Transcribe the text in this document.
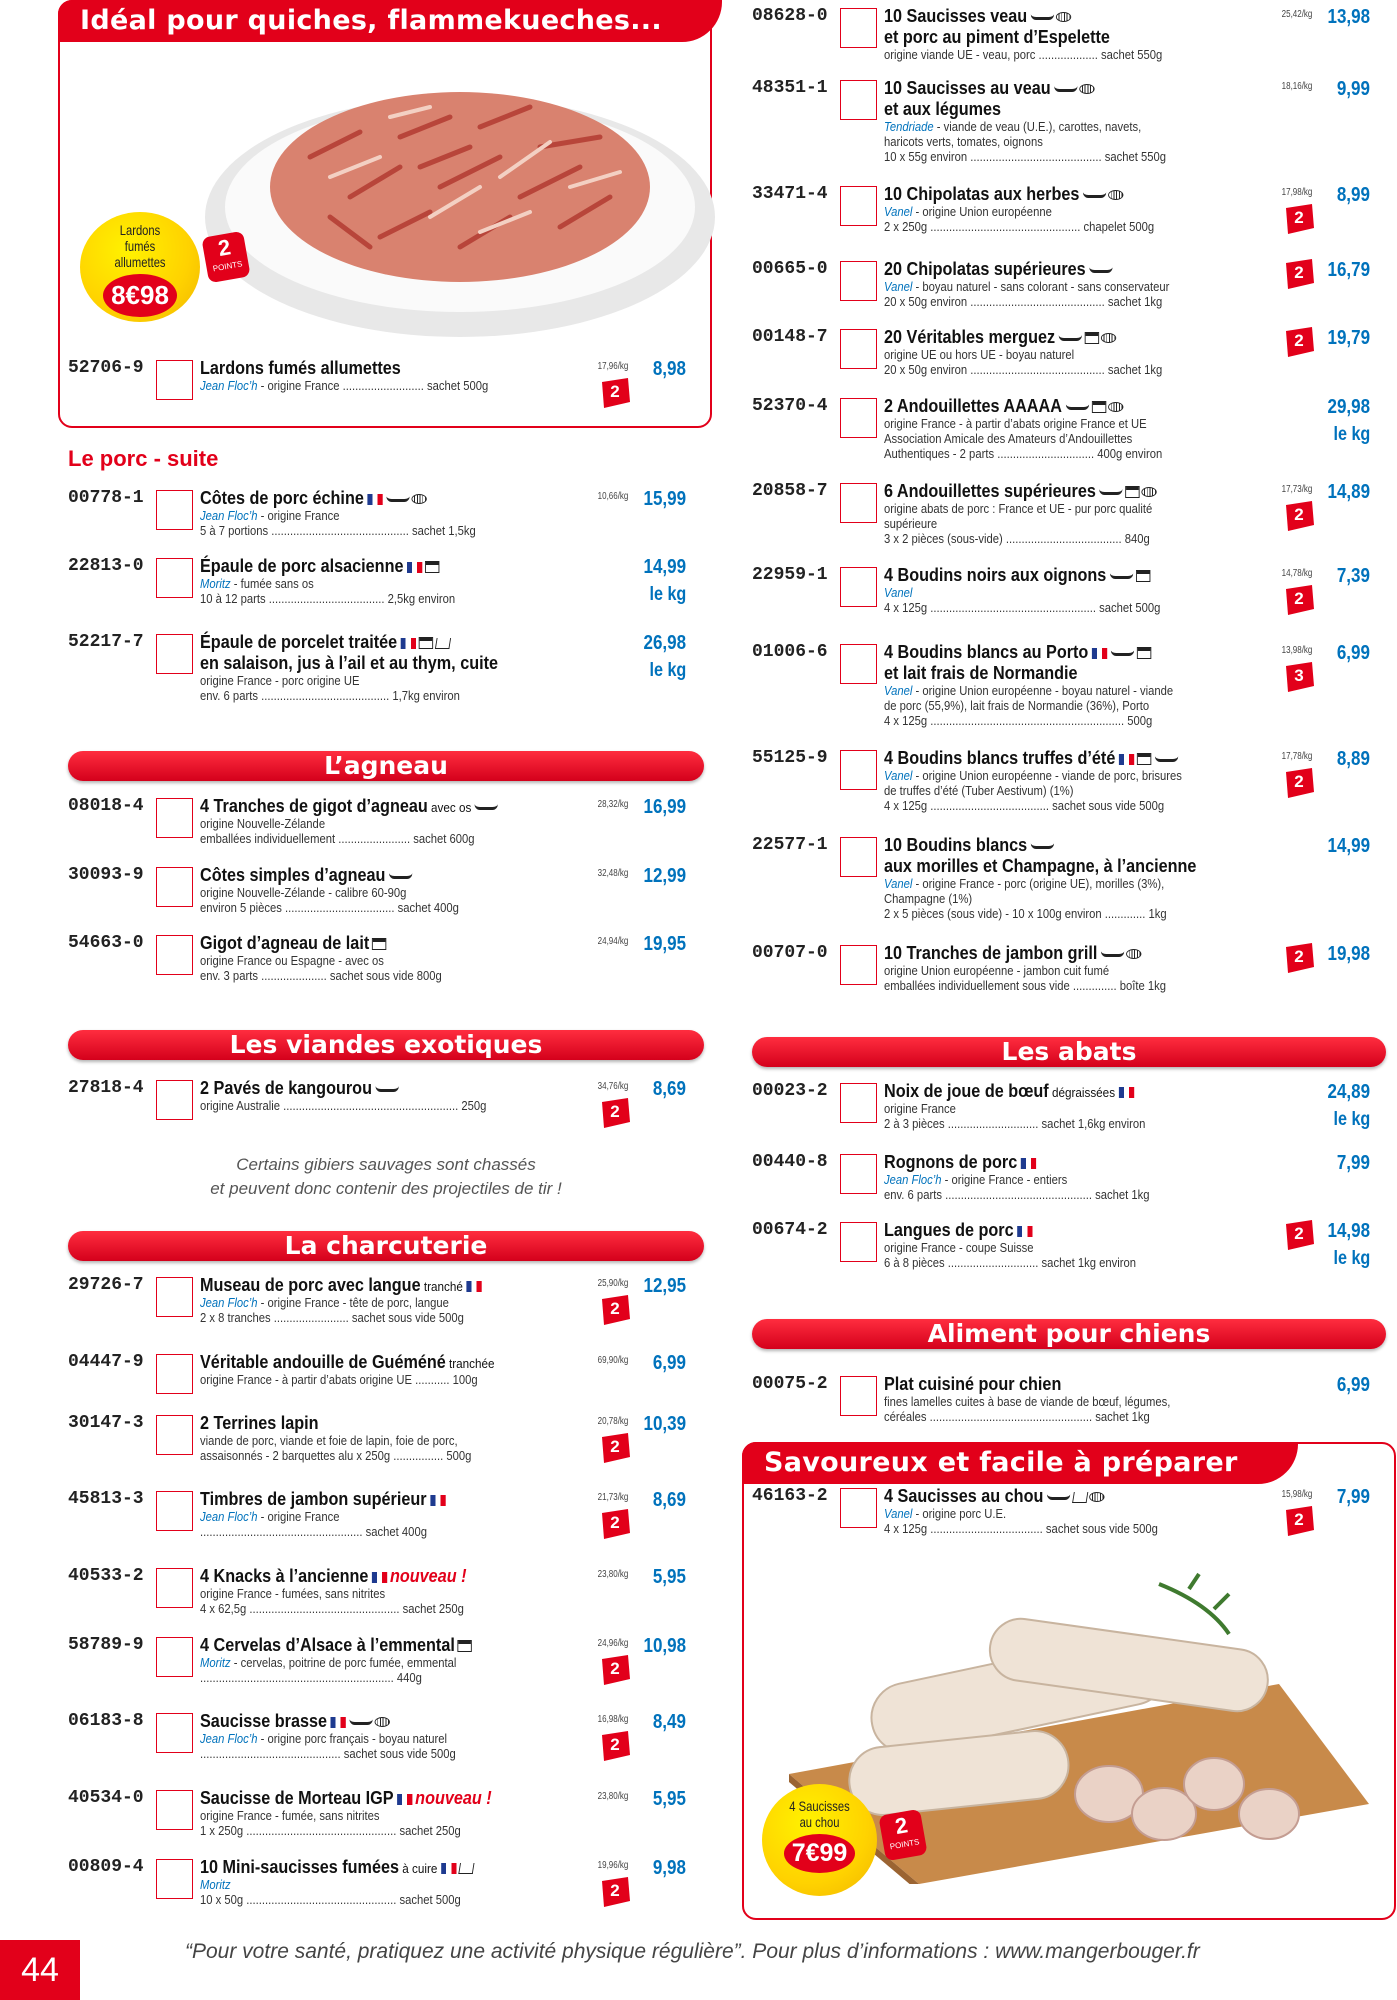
Idéal pour quiches, flammekueches...
Lardons fumés allumettes
8€98
2
POINTS
Le porc - suite
L’agneau
Les viandes exotiques
Certains gibiers sauvages sont chassés
et peuvent donc contenir des projectiles de tir !
La charcuterie
Les abats
Aliment pour chiens
Savoureux et facile à préparer
4 Saucisses
au chou
7€99
2
POINTS
52706-9	Lardons fumés allumettes
Jean Floc’h - origine France .......................... sachet 500g
17,96/kg 8,98
2
00778-1	Côtes de porc échine
Jean Floc’h - origine France
5 à 7 portions ............................................ sachet 1,5kg
10,66/kg 15,99
22813-0	Épaule de porc alsacienne
Moritz - fumée sans os
10 à 12 parts ..................................... 2,5kg environ
14,99
le kg
52217-7	Épaule de porcelet traitée
en salaison, jus à l’ail et au thym, cuite
origine France - porc origine UE
env. 6 parts ......................................... 1,7kg environ
26,98
le kg
08018-4	4 Tranches de gigot d’agneau avec os
origine Nouvelle-Zélande
emballées individuellement ....................... sachet 600g
28,32/kg 16,99
30093-9	Côtes simples d’agneau
origine Nouvelle-Zélande - calibre 60-90g
environ 5 pièces ................................... sachet 400g
32,48/kg 12,99
54663-0	Gigot d’agneau de lait
origine France ou Espagne - avec os
env. 3 parts ..................... sachet sous vide 800g
24,94/kg 19,95
27818-4	2 Pavés de kangourou
origine Australie ........................................................ 250g
34,76/kg 8,69
2
29726-7	Museau de porc avec langue tranché
Jean Floc’h - origine France - tête de porc, langue
2 x 8 tranches ........................ sachet sous vide 500g
25,90/kg 12,95
2
04447-9	Véritable andouille de Guéméné tranchée
origine France - à partir d’abats origine UE ........... 100g
69,90/kg 6,99
30147-3	2 Terrines lapin
viande de porc, viande et foie de lapin, foie de porc,
assaisonnés - 2 barquettes alu x 250g ................ 500g
20,78/kg 10,39
2
45813-3	Timbres de jambon supérieur
Jean Floc’h - origine France
.................................................... sachet 400g
21,73/kg 8,69
2
40533-2	4 Knacks à l’ancienne nouveau !
origine France - fumées, sans nitrites
4 x 62,5g ................................................ sachet 250g
23,80/kg 5,95
58789-9	4 Cervelas d’Alsace à l’emmental
Moritz - cervelas, poitrine de porc fumée, emmental
.............................................................. 440g
24,96/kg 10,98
2
06183-8	Saucisse brasse
Jean Floc’h - origine porc français - boyau naturel
............................................. sachet sous vide 500g
16,98/kg 8,49
2
40534-0	Saucisse de Morteau IGP nouveau !
origine France - fumée, sans nitrites
1 x 250g ................................................ sachet 250g
23,80/kg 5,95
00809-4	10 Mini-saucisses fumées à cuire
Moritz
10 x 50g ................................................ sachet 500g
19,96/kg 9,98
2
08628-0	10 Saucisses veau
et porc au piment d’Espelette
origine viande UE - veau, porc ................... sachet 550g
25,42/kg 13,98
48351-1	10 Saucisses au veau
et aux légumes
Tendriade - viande de veau (U.E.), carottes, navets,
haricots verts, tomates, oignons
10 x 55g environ .......................................... sachet 550g
18,16/kg 9,99
33471-4	10 Chipolatas aux herbes
Vanel - origine Union européenne
2 x 250g ................................................ chapelet 500g
17,98/kg 8,99
2
00665-0	20 Chipolatas supérieures
Vanel - boyau naturel - sans colorant - sans conservateur
20 x 50g environ ........................................... sachet 1kg
16,79
2
00148-7	20 Véritables merguez
origine UE ou hors UE - boyau naturel
20 x 50g environ ........................................... sachet 1kg
19,79
2
52370-4	2 Andouillettes AAAAA
origine France - à partir d’abats origine France et UE
Association Amicale des Amateurs d’Andouillettes
Authentiques - 2 parts ............................... 400g environ
29,98
le kg
20858-7	6 Andouillettes supérieures
origine abats de porc : France et UE - pur porc qualité
supérieure
3 x 2 pièces (sous-vide) ..................................... 840g
17,73/kg 14,89
2
22959-1	4 Boudins noirs aux oignons
Vanel
4 x 125g ..................................................... sachet 500g
14,78/kg 7,39
2
01006-6	4 Boudins blancs au Porto
et lait frais de Normandie
Vanel - origine Union européenne - boyau naturel - viande
de porc (55,9%), lait frais de Normandie (36%), Porto
4 x 125g .............................................................. 500g
13,98/kg 6,99
3
55125-9	4 Boudins blancs truffes d’été
Vanel - origine Union européenne - viande de porc, brisures
de truffes d’été (Tuber Aestivum) (1%)
4 x 125g ...................................... sachet sous vide 500g
17,78/kg 8,89
2
22577-1	10 Boudins blancs
aux morilles et Champagne, à l’ancienne
Vanel - origine France - porc (origine UE), morilles (3%),
Champagne (1%)
2 x 5 pièces (sous vide) - 10 x 100g environ ............. 1kg
14,99
00707-0	10 Tranches de jambon grill
origine Union européenne - jambon cuit fumé
emballées individuellement sous vide .............. boîte 1kg
19,98
2
00023-2	Noix de joue de bœuf dégraissées
origine France
2 à 3 pièces ............................. sachet 1,6kg environ
24,89
le kg
00440-8	Rognons de porc
Jean Floc’h - origine France - entiers
env. 6 parts ............................................... sachet 1kg
7,99
00674-2	Langues de porc
origine France - coupe Suisse
6 à 8 pièces ............................. sachet 1kg environ
14,98
le kg
2
00075-2	Plat cuisiné pour chien
fines lamelles cuites à base de viande de bœuf, légumes,
céréales .................................................... sachet 1kg
6,99
46163-2	4 Saucisses au chou
Vanel - origine porc U.E.
4 x 125g .................................... sachet sous vide 500g
15,98/kg 7,99
2
44	“Pour votre santé, pratiquez une activité physique régulière”. Pour plus d’informations : www.mangerbouger.fr
